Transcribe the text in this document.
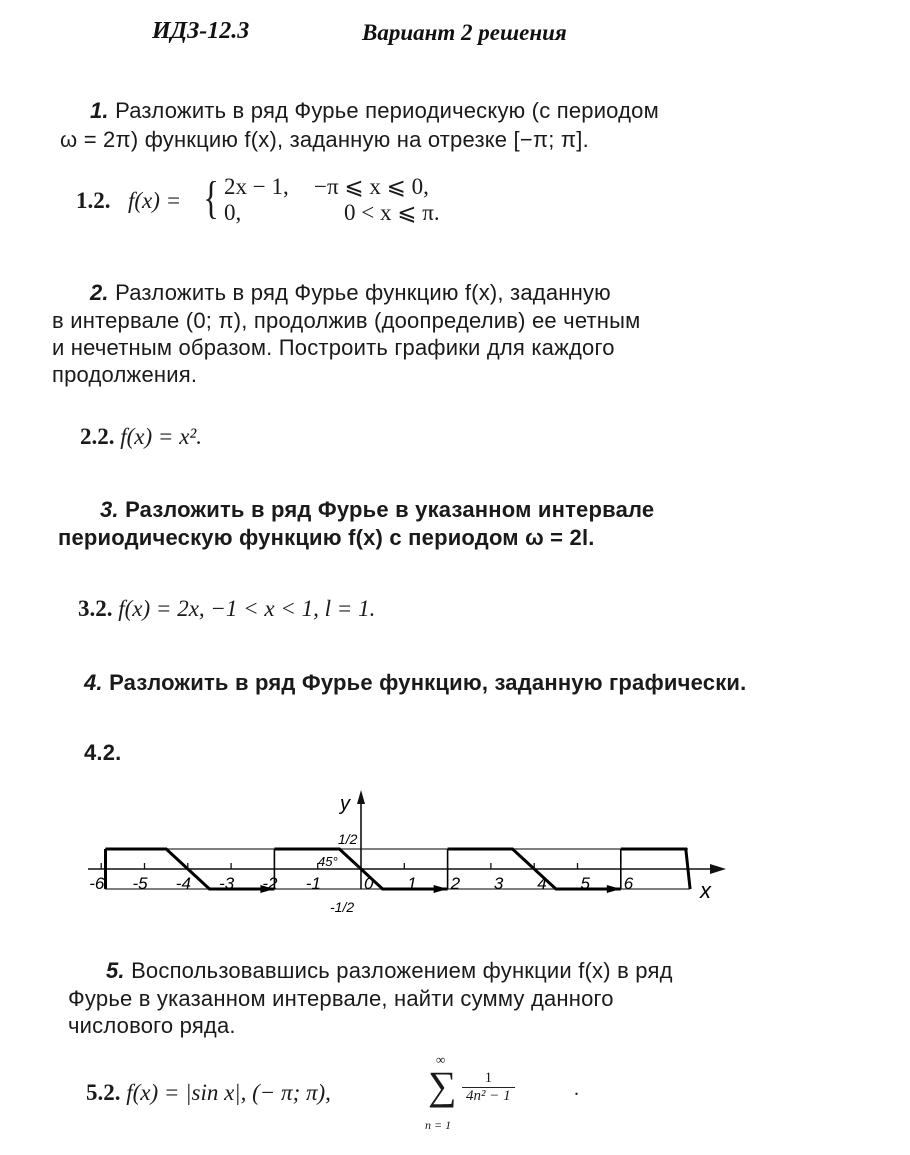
ИДЗ-12.3	Вариант 2 решения
1. Разложить в ряд Фурье периодическую (с периодом
ω = 2π) функцию f(x), заданную на отрезке [−π; π].
1.2. f(x) = { 2x − 1, −π ⩽ x ⩽ 0,
0,	0 < x ⩽ π.
2. Разложить в ряд Фурье функцию f(x), заданную
в интервале (0; π), продолжив (доопределив) ее четным
и нечетным образом. Построить графики для каждого
продолжения.
2.2. f(x) = x².
3. Разложить в ряд Фурье в указанном интервале
периодическую функцию f(x) с периодом ω = 2l.
3.2. f(x) = 2x, −1 < x < 1, l = 1.
4. Разложить в ряд Фурье функцию, заданную графически.
4.2.
-6 -5 -4 -3 -2 -1	0 1 2 3 4 5 6
y
x
1/2
-1/2
45°
5. Воспользовавшись разложением функции f(x) в ряд
Фурье в указанном интервале, найти сумму данного
числового ряда.
5.2. f(x) = |sin x|, (− π; π),
∞
∑
n = 1
$\frac{1}{\text{4n² − 1}}$	.
